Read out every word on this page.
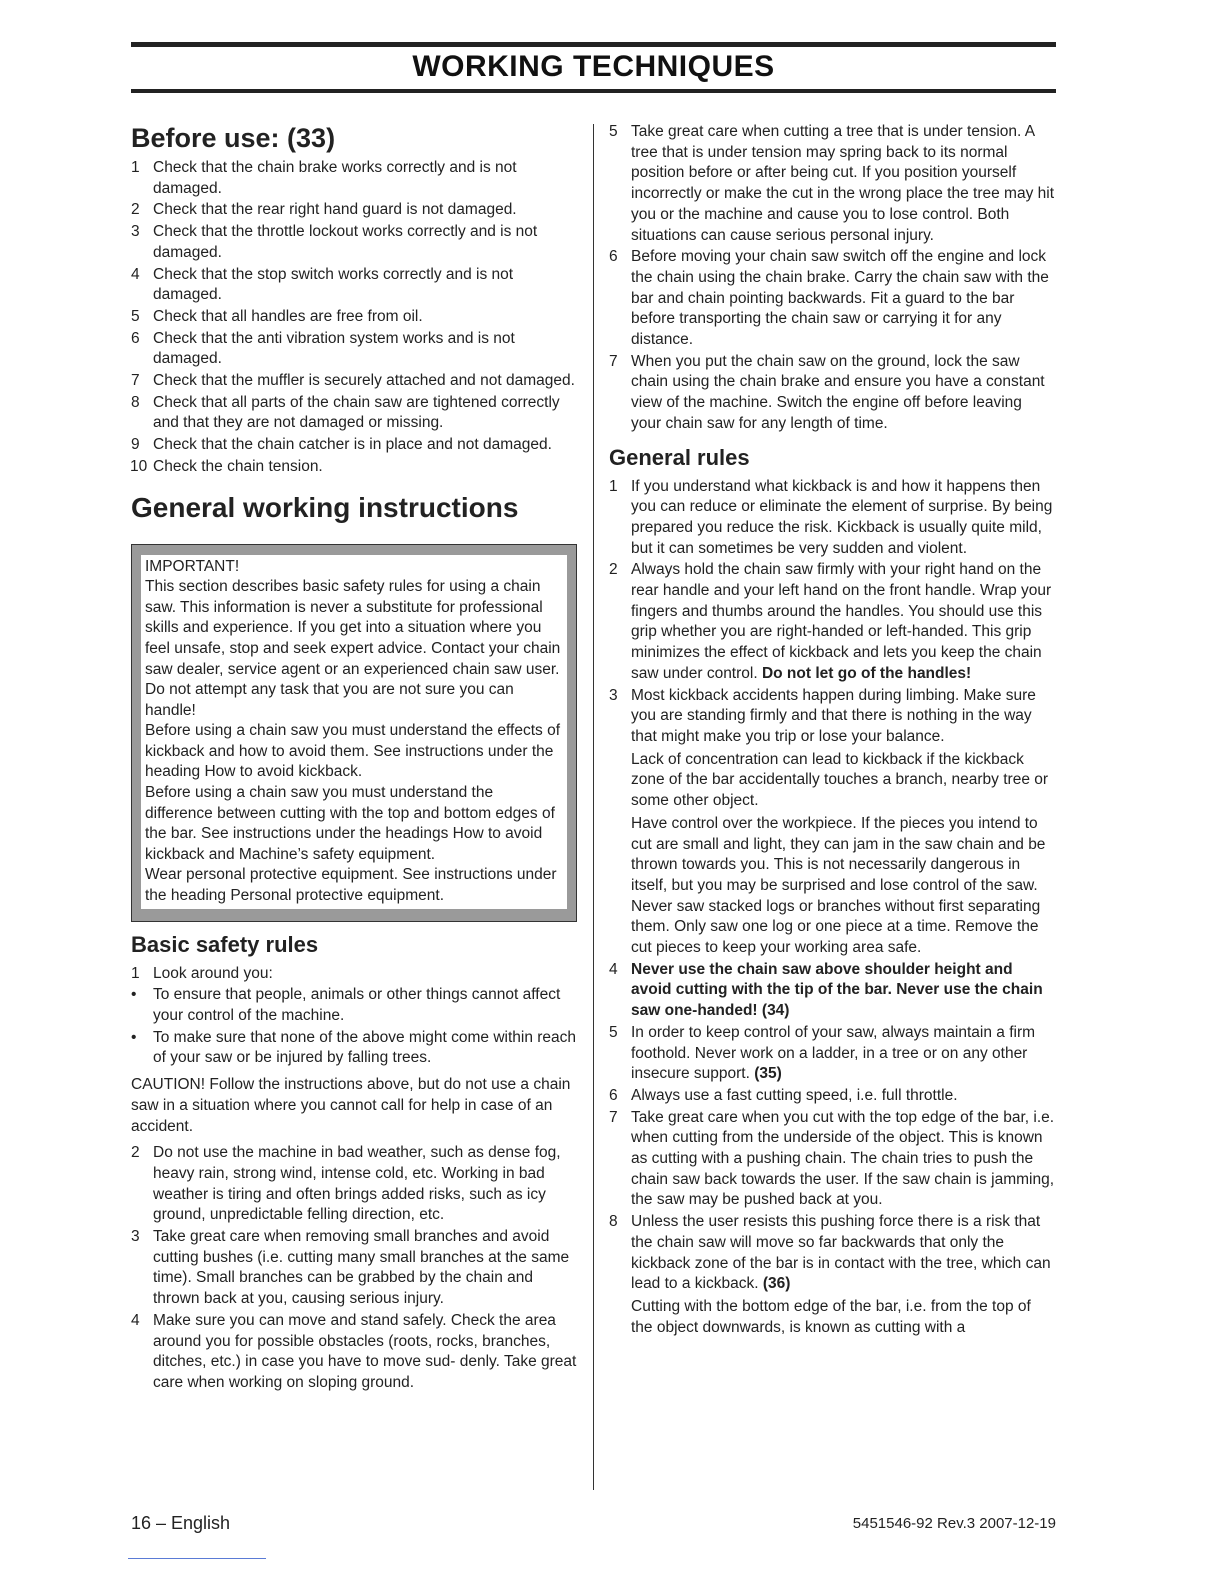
WORKING TECHNIQUES
Before use: (33)
1 Check that the chain brake works correctly and is not damaged.
2 Check that the rear right hand guard is not damaged.
3 Check that the throttle lockout works correctly and is not damaged.
4 Check that the stop switch works correctly and is not damaged.
5 Check that all handles are free from oil.
6 Check that the anti vibration system works and is not damaged.
7 Check that the muffler is securely attached and not damaged.
8 Check that all parts of the chain saw are tightened correctly and that they are not damaged or missing.
9 Check that the chain catcher is in place and not damaged.
10 Check the chain tension.
General working instructions

IMPORTANT!

This section describes basic safety rules for using a chain saw. This information is never a substitute for professional skills and experience. If you get into a situation where you feel unsafe, stop and seek expert advice. Contact your chain saw dealer, service agent or an experienced chain saw user. Do not attempt any task that you are not sure you can handle!

Before using a chain saw you must understand the effects of kickback and how to avoid them. See instructions under the heading How to avoid kickback.

Before using a chain saw you must understand the difference between cutting with the top and bottom edges of the bar. See instructions under the headings How to avoid kickback and Machine’s safety equipment.

Wear personal protective equipment. See instructions under the heading Personal protective equipment.

Basic safety rules
1 Look around you:
• To ensure that people, animals or other things cannot affect your control of the machine.
• To make sure that none of the above might come within reach of your saw or be injured by falling trees.

CAUTION! Follow the instructions above, but do not use a chain saw in a situation where you cannot call for help in case of an accident.

2 Do not use the machine in bad weather, such as dense fog, heavy rain, strong wind, intense cold, etc. Working in bad weather is tiring and often brings added risks, such as icy ground, unpredictable felling direction, etc.
3 Take great care when removing small branches and avoid cutting bushes (i.e. cutting many small branches at the same time). Small branches can be grabbed by the chain and thrown back at you, causing serious injury.
4 Make sure you can move and stand safely. Check the area around you for possible obstacles (roots, rocks, branches, ditches, etc.) in case you have to move sud- denly. Take great care when working on sloping ground.
5 Take great care when cutting a tree that is under tension. A tree that is under tension may spring back to its normal position before or after being cut. If you position yourself incorrectly or make the cut in the wrong place the tree may hit you or the machine and cause you to lose control. Both situations can cause serious personal injury.
6 Before moving your chain saw switch off the engine and lock the chain using the chain brake. Carry the chain saw with the bar and chain pointing backwards. Fit a guard to the bar before transporting the chain saw or carrying it for any distance.
7 When you put the chain saw on the ground, lock the saw chain using the chain brake and ensure you have a constant view of the machine. Switch the engine off before leaving your chain saw for any length of time.
General rules
1 If you understand what kickback is and how it happens then you can reduce or eliminate the element of surprise. By being prepared you reduce the risk. Kickback is usually quite mild, but it can sometimes be very sudden and violent.
2 Always hold the chain saw firmly with your right hand on the rear handle and your left hand on the front handle. Wrap your fingers and thumbs around the handles. You should use this grip whether you are right-handed or left-handed. This grip minimizes the effect of kickback and lets you keep the chain saw under control. Do not let go of the handles!
3 Most kickback accidents happen during limbing. Make sure you are standing firmly and that there is nothing in the way that might make you trip or lose your balance.

Lack of concentration can lead to kickback if the kickback zone of the bar accidentally touches a branch, nearby tree or some other object.

Have control over the workpiece. If the pieces you intend to cut are small and light, they can jam in the saw chain and be thrown towards you. This is not necessarily dangerous in itself, but you may be surprised and lose control of the saw. Never saw stacked logs or branches without first separating them. Only saw one log or one piece at a time. Remove the cut pieces to keep your working area safe.

4 Never use the chain saw above shoulder height and avoid cutting with the tip of the bar. Never use the chain saw one-handed! (34)
5 In order to keep control of your saw, always maintain a firm foothold. Never work on a ladder, in a tree or on any other insecure support. (35)
6 Always use a fast cutting speed, i.e. full throttle.
7 Take great care when you cut with the top edge of the bar, i.e. when cutting from the underside of the object. This is known as cutting with a pushing chain. The chain tries to push the chain saw back towards the user. If the saw chain is jamming, the saw may be pushed back at you.
8 Unless the user resists this pushing force there is a risk that the chain saw will move so far backwards that only the kickback zone of the bar is in contact with the tree, which can lead to a kickback. (36)

Cutting with the bottom edge of the bar, i.e. from the top of the object downwards, is known as cutting with a

16 – English	5451546-92 Rev.3 2007-12-19
